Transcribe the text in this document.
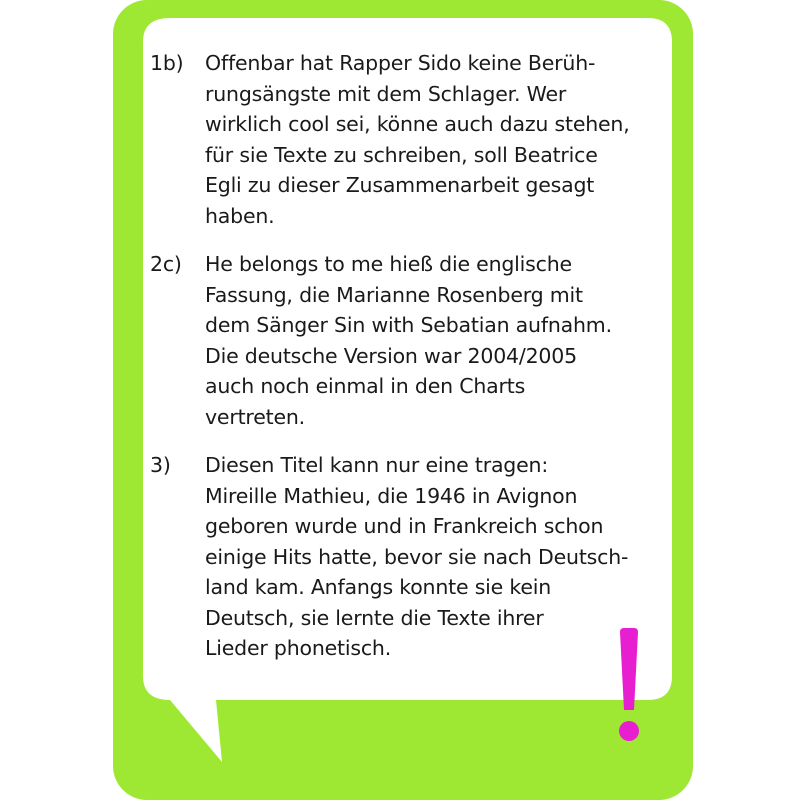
1b)	Offenbar hat Rapper Sido keine Berüh-
rungsängste mit dem Schlager. Wer
wirklich cool sei, könne auch dazu stehen,
für sie Texte zu schreiben, soll Beatrice
Egli zu dieser Zusammenarbeit gesagt
haben.
2c)	He belongs to me hieß die englische
Fassung, die Marianne Rosenberg mit
dem Sänger Sin with Sebatian aufnahm.
Die deutsche Version war 2004/2005
auch noch einmal in den Charts
vertreten.
3)	Diesen Titel kann nur eine tragen:
Mireille Mathieu, die 1946 in Avignon
geboren wurde und in Frankreich schon
einige Hits hatte, bevor sie nach Deutsch-
land kam. Anfangs konnte sie kein
Deutsch, sie lernte die Texte ihrer
Lieder phonetisch.
